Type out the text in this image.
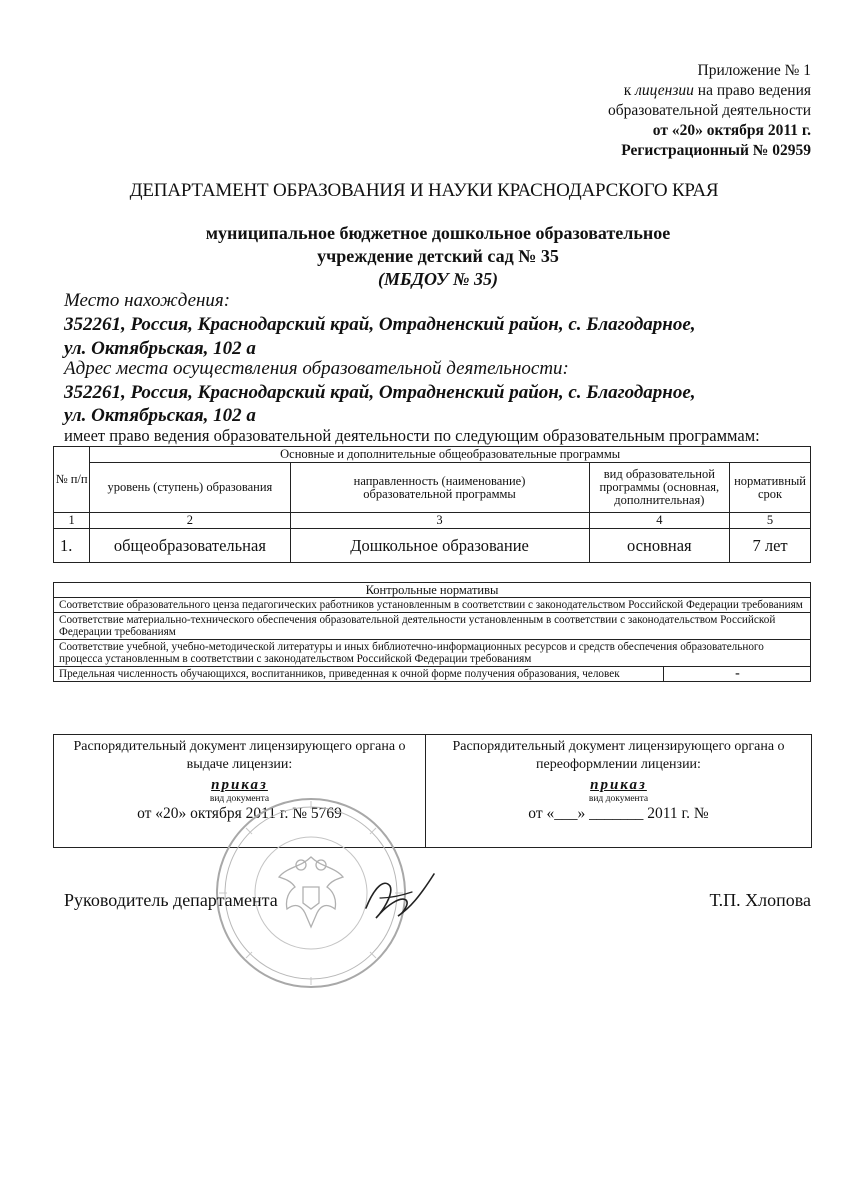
Приложение № 1
к лицензии на право ведения
образовательной деятельности
от «20» октября 2011 г.
Регистрационный № 02959
ДЕПАРТАМЕНТ ОБРАЗОВАНИЯ И НАУКИ КРАСНОДАРСКОГО КРАЯ
муниципальное бюджетное дошкольное образовательное
учреждение детский сад № 35
(МБДОУ № 35)
Место нахождения:
352261, Россия, Краснодарский край, Отрадненский район, с. Благодарное,
ул. Октябрьская, 102 а
Адрес места осуществления образовательной деятельности:
352261, Россия, Краснодарский край, Отрадненский район, с. Благодарное,
ул. Октябрьская, 102 а
имеет право ведения образовательной деятельности по следующим образовательным программам:
№ п/п	Основные и дополнительные общеобразовательные программы			
	уровень (ступень) образования	направленность (наименование) образовательной программы	вид образовательной программы (основная, дополнительная)	нормативный срок
1	2	3	4	5
1.	общеобразовательная	Дошкольное образование	основная	7 лет
Контрольные нормативы
Соответствие образовательного ценза педагогических работников установленным в соответствии с законодательством Российской Федерации требованиям
Соответствие материально-технического обеспечения образовательной деятельности установленным в соответствии с законодательством Российской Федерации требованиям
Соответствие учебной, учебно-методической литературы и иных библиотечно-информационных ресурсов и средств обеспечения образовательного процесса установленным в соответствии с законодательством Российской Федерации требованиям
Предельная численность обучающихся, воспитанников, приведенная к очной форме получения образования, человек	-
Распорядительный документ лицензирующего органа о выдаче лицензии:
приказ
вид документа
от «20» октября 2011 г. № 5769
Распорядительный документ лицензирующего органа о переоформлении лицензии:
приказ
вид документа
от «___» _______ 2011 г. №
Руководитель департамента	Т.П. Хлопова
